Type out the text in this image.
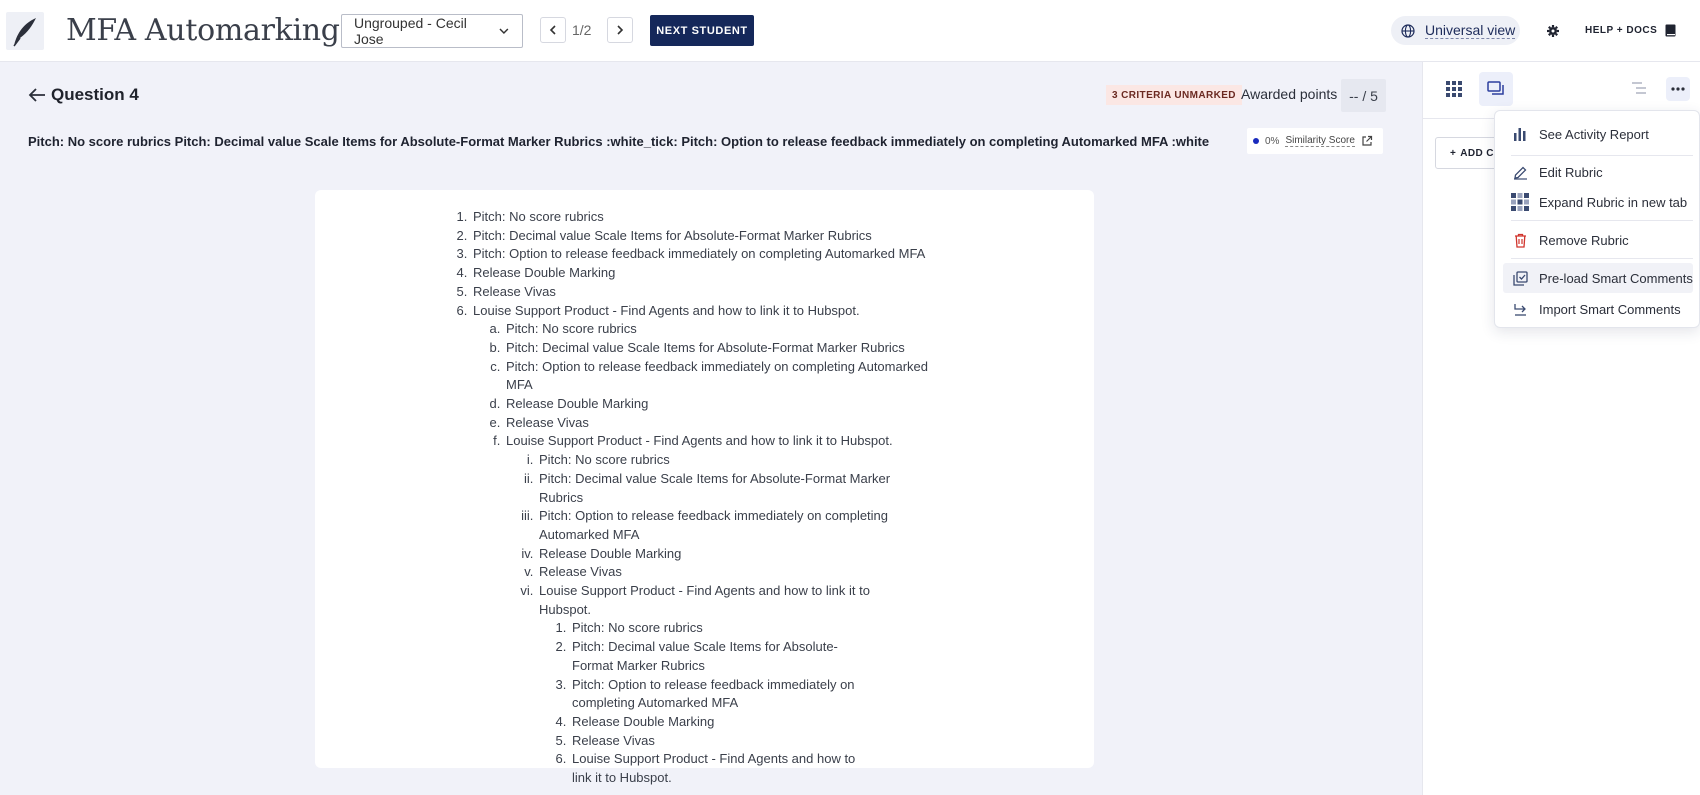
MFA Automarking Ungrouped - Cecil Jose
1/2	NEXT STUDENT	Universal view	HELP + DOCS
Question 4	3 CRITERIA UNMARKED Awarded points -- / 5
Pitch: No score rubrics Pitch: Decimal value Scale Items for Absolute-Format Marker Rubrics :white_tick: Pitch: Option to release feedback immediately on completing Automarked MFA :white	0% Similarity Score
1. Pitch: No score rubrics
2. Pitch: Decimal value Scale Items for Absolute-Format Marker Rubrics
3. Pitch: Option to release feedback immediately on completing Automarked MFA
4. Release Double Marking
5. Release Vivas
6. Louise Support Product - Find Agents and how to link it to Hubspot.
a. Pitch: No score rubrics
b. Pitch: Decimal value Scale Items for Absolute-Format Marker Rubrics
c. Pitch: Option to release feedback immediately on completing Automarked MFA
d. Release Double Marking
e. Release Vivas
f. Louise Support Product - Find Agents and how to link it to Hubspot.
i. Pitch: No score rubrics
ii. Pitch: Decimal value Scale Items for Absolute-Format Marker Rubrics
iii. Pitch: Option to release feedback immediately on completing Automarked MFA
iv. Release Double Marking
v. Release Vivas
vi. Louise Support Product - Find Agents and how to link it to Hubspot.
1. Pitch: No score rubrics
2. Pitch: Decimal value Scale Items for Absolute-Format Marker Rubrics
3. Pitch: Option to release feedback immediately on completing Automarked MFA
4. Release Double Marking
5. Release Vivas
6. Louise Support Product - Find Agents and how to link it to Hubspot.
+ ADD C
See Activity Report
Edit Rubric
Expand Rubric in new tab
Remove Rubric
Pre-load Smart Comments
Import Smart Comments
